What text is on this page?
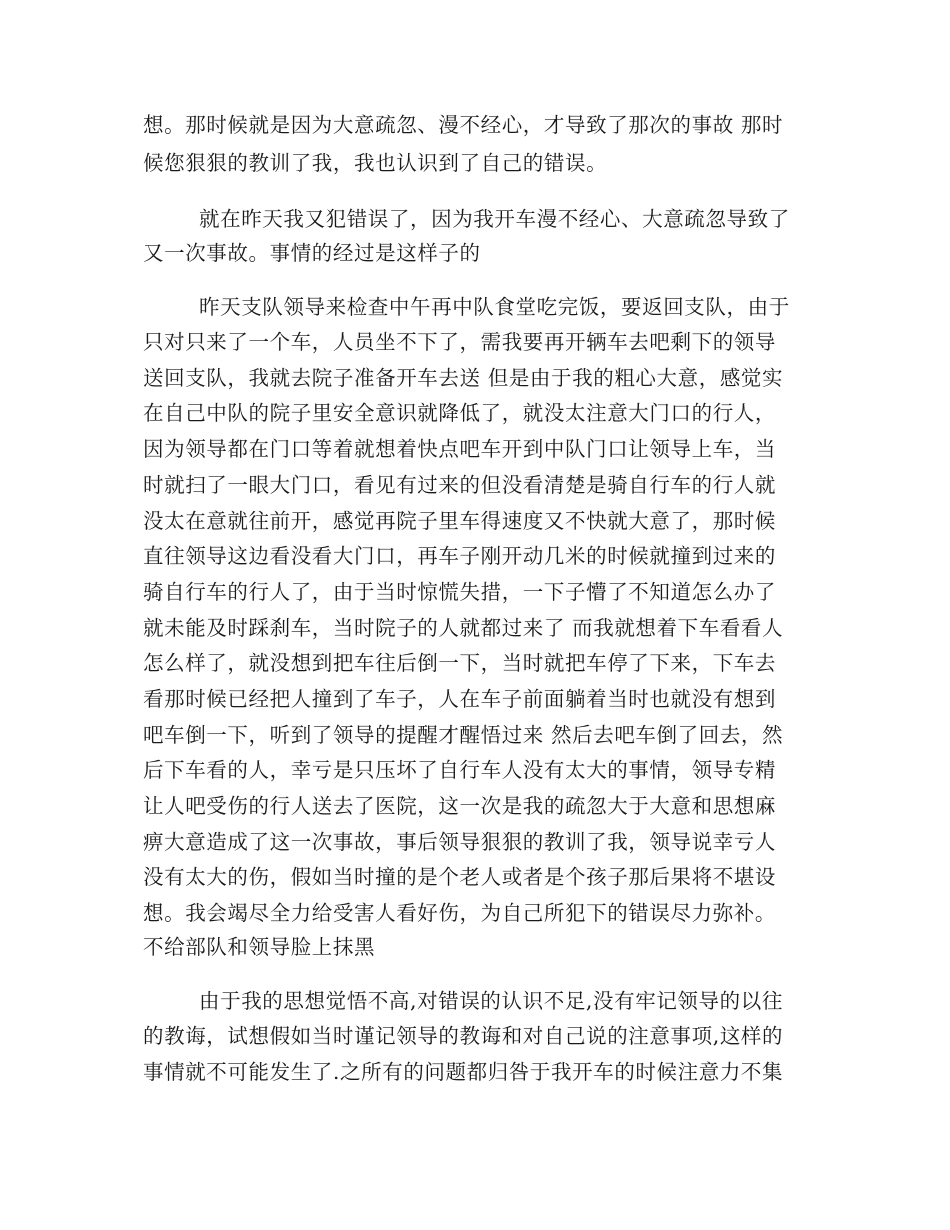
想。那时候就是因为大意疏忽、漫不经心，才导致了那次的事故 那时

候您狠狠的教训了我，我也认识到了自己的错误。

就在昨天我又犯错误了，因为我开车漫不经心、大意疏忽导致了

又一次事故。事情的经过是这样子的

昨天支队领导来检查中午再中队食堂吃完饭，要返回支队，由于

只对只来了一个车，人员坐不下了，需我要再开辆车去吧剩下的领导

送回支队，我就去院子准备开车去送 但是由于我的粗心大意，感觉实

在自己中队的院子里安全意识就降低了，就没太注意大门口的行人，

因为领导都在门口等着就想着快点吧车开到中队门口让领导上车，当

时就扫了一眼大门口，看见有过来的但没看清楚是骑自行车的行人就

没太在意就往前开，感觉再院子里车得速度又不快就大意了，那时候

直往领导这边看没看大门口，再车子刚开动几米的时候就撞到过来的

骑自行车的行人了，由于当时惊慌失措，一下子懵了不知道怎么办了

就未能及时踩刹车，当时院子的人就都过来了 而我就想着下车看看人

怎么样了，就没想到把车往后倒一下，当时就把车停了下来，下车去

看那时候已经把人撞到了车子，人在车子前面躺着当时也就没有想到

吧车倒一下，听到了领导的提醒才醒悟过来 然后去吧车倒了回去，然

后下车看的人，幸亏是只压坏了自行车人没有太大的事情，领导专精

让人吧受伤的行人送去了医院，这一次是我的疏忽大于大意和思想麻

痹大意造成了这一次事故，事后领导狠狠的教训了我，领导说幸亏人

没有太大的伤，假如当时撞的是个老人或者是个孩子那后果将不堪设

想。我会竭尽全力给受害人看好伤，为自己所犯下的错误尽力弥补。

不给部队和领导脸上抹黑

由于我的思想觉悟不高,对错误的认识不足,没有牢记领导的以往

的教诲，试想假如当时谨记领导的教诲和对自己说的注意事项,这样的

事情就不可能发生了.之所有的问题都归咎于我开车的时候注意力不集
